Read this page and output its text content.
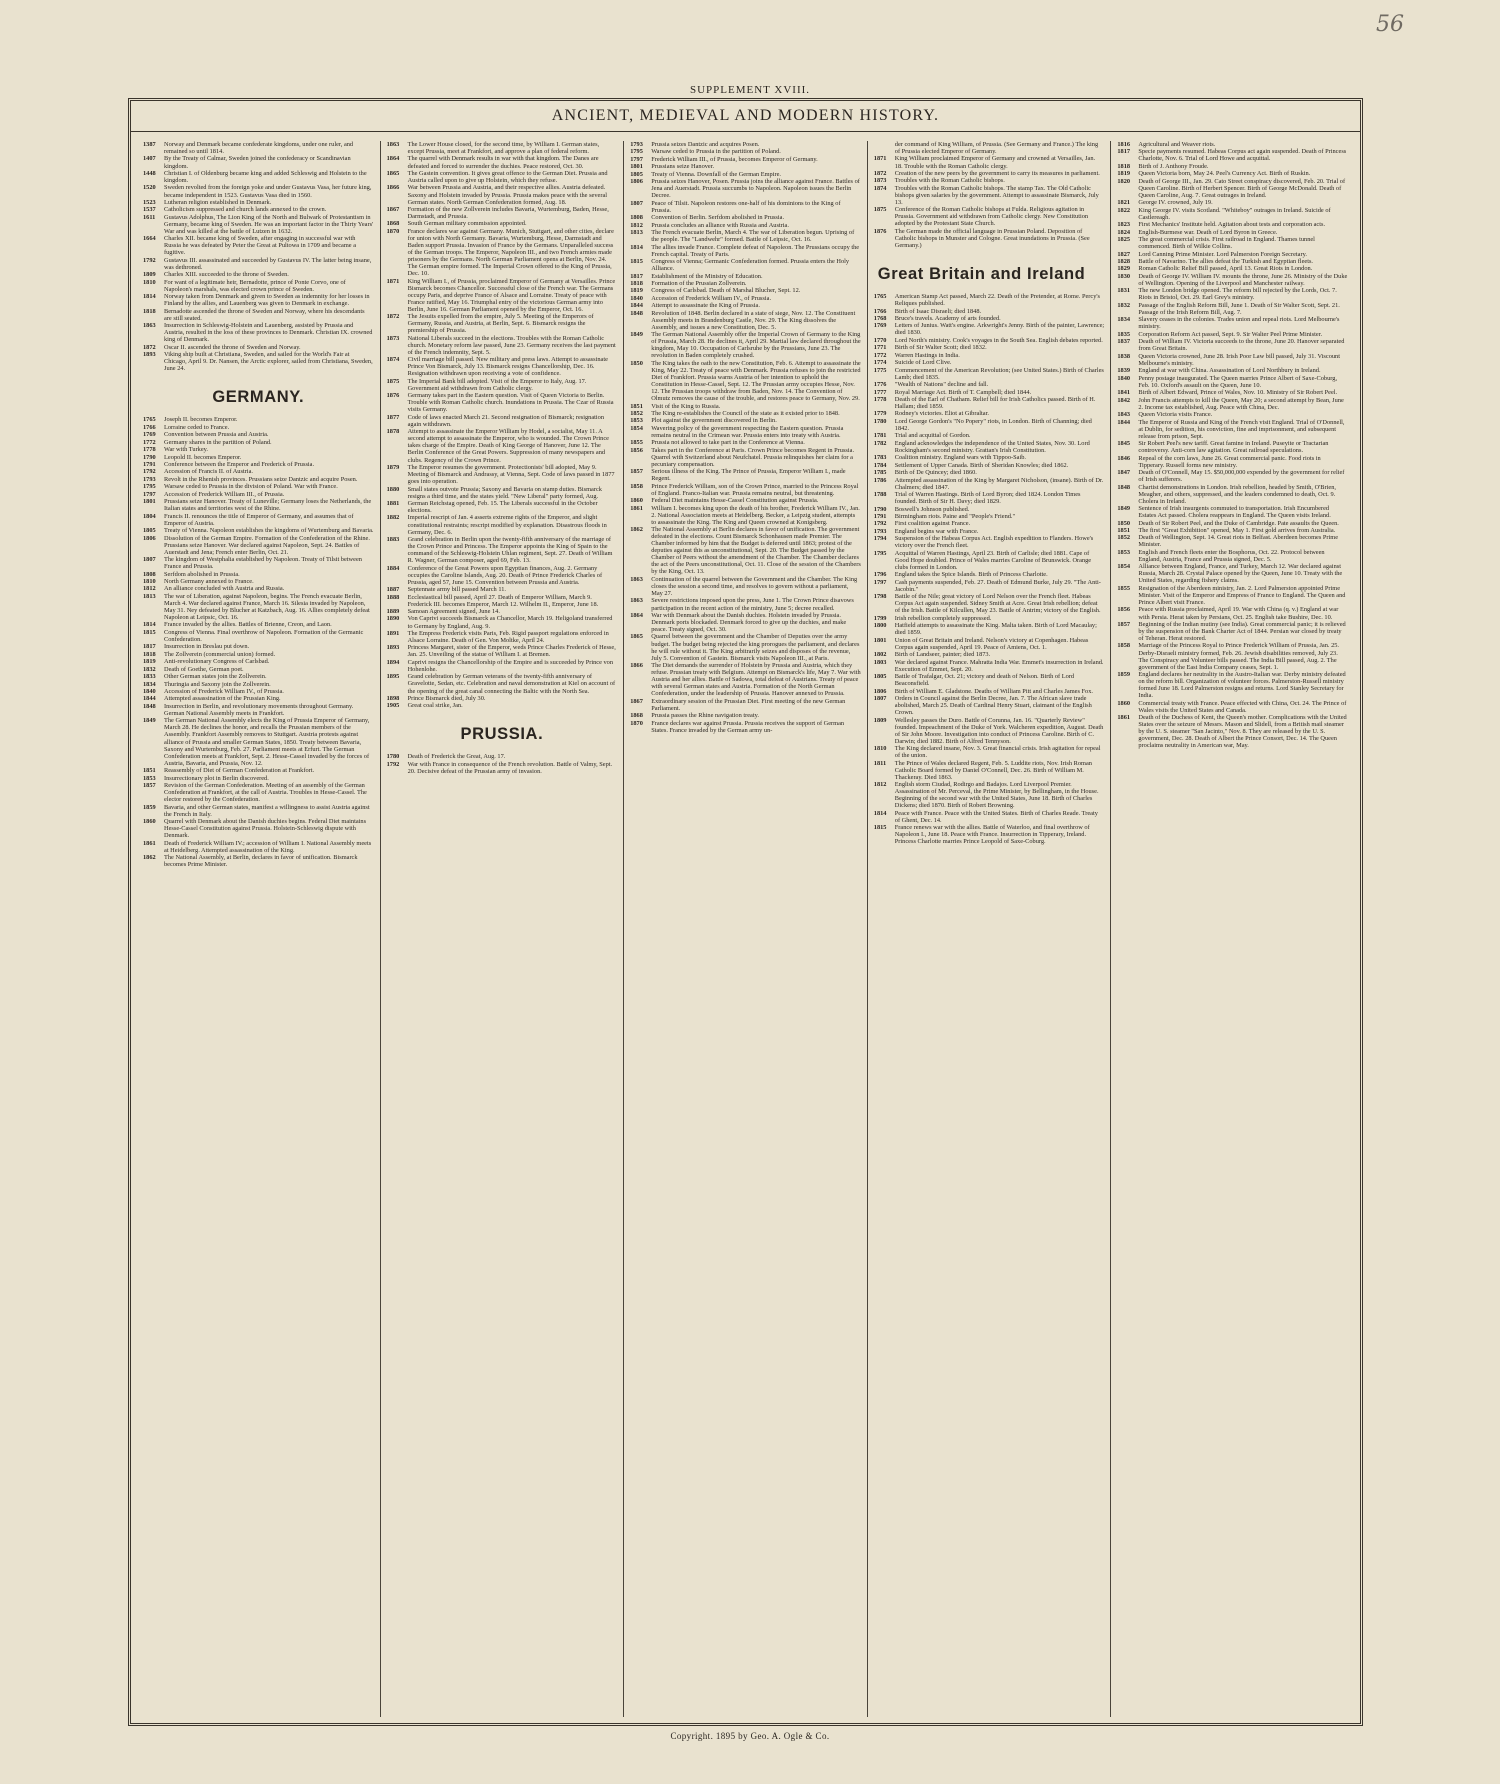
56
SUPPLEMENT XVIII.
ANCIENT, MEDIEVAL AND MODERN HISTORY.
1387	Norway and Denmark became confederate kingdoms, under one ruler, and remained so until 1814.
1407	By the Treaty of Calmar, Sweden joined the confederacy or Scandinavian kingdom.
1448	Christian I. of Oldenburg became king and added Schleswig and Holstein to the kingdom.
1520	Sweden revolted from the foreign yoke and under Gustavus Vasa, her future king, became independent in 1523. Gustavus Vasa died in 1560.
1523	Lutheran religion established in Denmark.
1537	Catholicism suppressed and church lands annexed to the crown.
1611	Gustavus Adolphus, The Lion King of the North and Bulwark of Protestantism in Germany, became king of Sweden. He was an important factor in the Thirty Years' War and was killed at the battle of Lutzen in 1632.
1664	Charles XII. became king of Sweden, after engaging in successful war with Russia he was defeated by Peter the Great at Pultowa in 1709 and became a fugitive.
1792	Gustavus III. assassinated and succeeded by Gustavus IV. The latter being insane, was dethroned.
1809	Charles XIII. succeeded to the throne of Sweden.
1810	For want of a legitimate heir, Bernadotte, prince of Ponte Corvo, one of Napoleon's marshals, was elected crown prince of Sweden.
1814	Norway taken from Denmark and given to Sweden as indemnity for her losses in Finland by the allies, and Lauenberg was given to Denmark in exchange.
1818	Bernadotte ascended the throne of Sweden and Norway, where his descendants are still seated.
1863	Insurrection in Schleswig-Holstein and Lauenberg, assisted by Prussia and Austria, resulted in the loss of these provinces to Denmark. Christian IX. crowned king of Denmark.
1872	Oscar II. ascended the throne of Sweden and Norway.
1893	Viking ship built at Christiana, Sweden, and sailed for the World's Fair at Chicago, April 9. Dr. Nansen, the Arctic explorer, sailed from Christiana, Sweden, June 24.
GERMANY.
1765	Joseph II. becomes Emperor.
1766	Lorraine ceded to France.
1769	Convention between Prussia and Austria.
1772	Germany shares in the partition of Poland.
1778	War with Turkey.
1790	Leopold II. becomes Emperor.
1791	Conference between the Emperor and Frederick of Prussia.
1792	Accession of Francis II. of Austria.
1793	Revolt in the Rhenish provinces. Prussians seize Dantzic and acquire Posen.
1795	Warsaw ceded to Prussia in the division of Poland. War with France.
1797	Accession of Frederick William III., of Prussia.
1801	Prussians seize Hanover. Treaty of Luneville; Germany loses the Netherlands, the Italian states and territories west of the Rhine.
1804	Francis II. renounces the title of Emperor of Germany, and assumes that of Emperor of Austria.
1805	Treaty of Vienna. Napoleon establishes the kingdoms of Wurtemburg and Bavaria.
1806	Dissolution of the German Empire. Formation of the Confederation of the Rhine. Prussians seize Hanover. War declared against Napoleon, Sept. 24. Battles of Auerstadt and Jena; French enter Berlin, Oct. 21.
1807	The kingdom of Westphalia established by Napoleon. Treaty of Tilsit between France and Prussia.
1808	Serfdom abolished in Prussia.
1810	North Germany annexed to France.
1812	An alliance concluded with Austria and Russia.
1813	The war of Liberation, against Napoleon, begins. The French evacuate Berlin, March 4. War declared against France, March 16. Silesia invaded by Napoleon, May 31. Ney defeated by Blucher at Katzbach, Aug. 16. Allies completely defeat Napoleon at Leipsic, Oct. 16.
1814	France invaded by the allies. Battles of Brienne, Creon, and Laon.
1815	Congress of Vienna. Final overthrow of Napoleon. Formation of the Germanic Confederation.
1817	Insurrection in Breslau put down.
1818	The Zollverein (commercial union) formed.
1819	Anti-revolutionary Congress of Carlsbad.
1832	Death of Goethe, German poet.
1833	Other German states join the Zollverein.
1834	Thuringia and Saxony join the Zollverein.
1840	Accession of Frederick William IV., of Prussia.
1844	Attempted assassination of the Prussian King.
1848	Insurrection in Berlin, and revolutionary movements throughout Germany. German National Assembly meets in Frankfort.
1849	The German National Assembly elects the King of Prussia Emperor of Germany, March 28. He declines the honor, and recalls the Prussian members of the Assembly. Frankfort Assembly removes to Stuttgart. Austria protests against alliance of Prussia and smaller German States, 1850. Treaty between Bavaria, Saxony and Wurtemburg, Feb. 27. Parliament meets at Erfurt. The German Confederation meets at Frankfort, Sept. 2. Hesse-Cassel invaded by the forces of Austria, Bavaria, and Prussia, Nov. 12.
1851	Reassembly of Diet of German Confederation at Frankfort.
1853	Insurrectionary plot in Berlin discovered.
1857	Revision of the German Confederation. Meeting of an assembly of the German Confederation at Frankfort, at the call of Austria. Troubles in Hesse-Cassel. The elector restored by the Confederation.
1859	Bavaria, and other German states, manifest a willingness to assist Austria against the French in Italy.
1860	Quarrel with Denmark about the Danish duchies begins. Federal Diet maintains Hesse-Cassel Constitution against Prussia. Holstein-Schleswig dispute with Denmark.
1861	Death of Frederick William IV.; accession of William I. National Assembly meets at Heidelberg. Attempted assassination of the King.
1862	The National Assembly, at Berlin, declares in favor of unification. Bismarck becomes Prime Minister.
1863	The Lower House closed, for the second time, by William I. German states, except Prussia, meet at Frankfort, and approve a plan of federal reform.
1864	The quarrel with Denmark results in war with that kingdom. The Danes are defeated and forced to surrender the duchies. Peace restored, Oct. 30.
1865	The Gastein convention. It gives great offence to the German Diet. Prussia and Austria called upon to give up Holstein, which they refuse.
1866	War between Prussia and Austria, and their respective allies. Austria defeated. Saxony and Holstein invaded by Prussia. Prussia makes peace with the several German states. North German Confederation formed, Aug. 18.
1867	Formation of the new Zollverein includes Bavaria, Wurtemburg, Baden, Hesse, Darmstadt, and Prussia.
1868	South German military commission appointed.
1870	France declares war against Germany. Munich, Stuttgart, and other cities, declare for union with North Germany. Bavaria, Wurtemburg, Hesse, Darmstadt and Baden support Prussia. Invasion of France by the Germans. Unparalleled success of the German troops. The Emperor, Napoleon III., and two French armies made prisoners by the Germans. North German Parliament opens at Berlin, Nov. 24. The German empire formed. The Imperial Crown offered to the King of Prussia, Dec. 10.
1871	King William I., of Prussia, proclaimed Emperor of Germany at Versailles. Prince Bismarck becomes Chancellor. Successful close of the French war. The Germans occupy Paris, and deprive France of Alsace and Lorraine. Treaty of peace with France ratified, May 16. Triumphal entry of the victorious German army into Berlin, June 16. German Parliament opened by the Emperor, Oct. 16.
1872	The Jesuits expelled from the empire, July 5. Meeting of the Emperors of Germany, Russia, and Austria, at Berlin, Sept. 6. Bismarck resigns the premiership of Prussia.
1873	National Liberals succeed in the elections. Troubles with the Roman Catholic church. Monetary reform law passed, June 23. Germany receives the last payment of the French indemnity, Sept. 5.
1874	Civil marriage bill passed. New military and press laws. Attempt to assassinate Prince Von Bismarck, July 13. Bismarck resigns Chancellorship, Dec. 16. Resignation withdrawn upon receiving a vote of confidence.
1875	The Imperial Bank bill adopted. Visit of the Emperor to Italy, Aug. 17. Government aid withdrawn from Catholic clergy.
1876	Germany takes part in the Eastern question. Visit of Queen Victoria to Berlin. Trouble with Roman Catholic church. Inundations in Prussia. The Czar of Russia visits Germany.
1877	Code of laws enacted March 21. Second resignation of Bismarck; resignation again withdrawn.
1878	Attempt to assassinate the Emperor William by Hodel, a socialist, May 11. A second attempt to assassinate the Emperor, who is wounded. The Crown Prince takes charge of the Empire. Death of King George of Hanover, June 12. The Berlin Conference of the Great Powers. Suppression of many newspapers and clubs. Regency of the Crown Prince.
1879	The Emperor resumes the government. Protectionists' bill adopted, May 9. Meeting of Bismarck and Andrassy, at Vienna, Sept. Code of laws passed in 1877 goes into operation.
1880	Small states outvote Prussia; Saxony and Bavaria on stamp duties. Bismarck resigns a third time, and the states yield. "New Liberal" party formed, Aug.
1881	German Reichstag opened, Feb. 15. The Liberals successful in the October elections.
1882	Imperial rescript of Jan. 4 asserts extreme rights of the Emperor, and slight constitutional restraints; rescript modified by explanation. Disastrous floods in Germany, Dec. 6.
1883	Grand celebration in Berlin upon the twenty-fifth anniversary of the marriage of the Crown Prince and Princess. The Emperor appoints the King of Spain to the command of the Schleswig-Holstein Uhlan regiment, Sept. 27. Death of William R. Wagner, German composer, aged 69, Feb. 13.
1884	Conference of the Great Powers upon Egyptian finances, Aug. 2. Germany occupies the Caroline Islands, Aug. 20. Death of Prince Frederick Charles of Prussia, aged 57, June 15. Convention between Prussia and Austria.
1887	Septennate army bill passed March 11.
1888	Ecclesiastical bill passed, April 27. Death of Emperor William, March 9. Frederick III. becomes Emperor, March 12. Wilhelm II., Emperor, June 18.
1889	Samoan Agreement signed, June 14.
1890	Von Caprivi succeeds Bismarck as Chancellor, March 19. Heligoland transferred to Germany by England, Aug. 9.
1891	The Empress Frederick visits Paris, Feb. Rigid passport regulations enforced in Alsace Lorraine. Death of Gen. Von Moltke, April 24.
1893	Princess Margaret, sister of the Emperor, weds Prince Charles Frederick of Hesse, Jan. 25. Unveiling of the statue of William I. at Bremen.
1894	Caprivi resigns the Chancellorship of the Empire and is succeeded by Prince von Hohenlohe.
1895	Grand celebration by German veterans of the twenty-fifth anniversary of Gravelotte, Sedan, etc. Celebration and naval demonstration at Kiel on account of the opening of the great canal connecting the Baltic with the North Sea.
1898	Prince Bismarck died, July 30.
1905	Great coal strike, Jan.
PRUSSIA.
1780	Death of Frederick the Great, Aug. 17.
1792	War with France in consequence of the French revolution. Battle of Valmy, Sept. 20. Decisive defeat of the Prussian army of invasion.
1793	Prussia seizes Dantzic and acquires Posen.
1795	Warsaw ceded to Prussia in the partition of Poland.
1797	Frederick William III., of Prussia, becomes Emperor of Germany.
1801	Prussians seize Hanover.
1805	Treaty of Vienna. Downfall of the German Empire.
1806	Prussia seizes Hanover, Posen. Prussia joins the alliance against France. Battles of Jena and Auerstadt. Prussia succumbs to Napoleon. Napoleon issues the Berlin Decree.
1807	Peace of Tilsit. Napoleon restores one-half of his dominions to the King of Prussia.
1808	Convention of Berlin. Serfdom abolished in Prussia.
1812	Prussia concludes an alliance with Russia and Austria.
1813	The French evacuate Berlin, March 4. The war of Liberation begun. Uprising of the people. The "Landwehr" formed. Battle of Leipsic, Oct. 16.
1814	The allies invade France. Complete defeat of Napoleon. The Prussians occupy the French capital. Treaty of Paris.
1815	Congress of Vienna; Germanic Confederation formed. Prussia enters the Holy Alliance.
1817	Establishment of the Ministry of Education.
1818	Formation of the Prussian Zollverein.
1819	Congress of Carlsbad. Death of Marshal Blucher, Sept. 12.
1840	Accession of Frederick William IV., of Prussia.
1844	Attempt to assassinate the King of Prussia.
1848	Revolution of 1848. Berlin declared in a state of siege, Nov. 12. The Constituent Assembly meets in Brandenburg Castle, Nov. 29. The King dissolves the Assembly, and issues a new Constitution, Dec. 5.
1849	The German National Assembly offer the Imperial Crown of Germany to the King of Prussia, March 28. He declines it, April 29. Martial law declared throughout the kingdom, May 10. Occupation of Carlsruhe by the Prussians, June 23. The revolution in Baden completely crushed.
1850	The King takes the oath to the new Constitution, Feb. 6. Attempt to assassinate the King, May 22. Treaty of peace with Denmark. Prussia refuses to join the restricted Diet of Frankfort. Prussia warns Austria of her intention to uphold the Constitution in Hesse-Cassel, Sept. 12. The Prussian army occupies Hesse, Nov. 12. The Prussian troops withdraw from Baden, Nov. 14. The Convention of Olmutz removes the cause of the trouble, and restores peace to Germany, Nov. 29.
1851	Visit of the King to Russia.
1852	The King re-establishes the Council of the state as it existed prior to 1848.
1853	Plot against the government discovered in Berlin.
1854	Wavering policy of the government respecting the Eastern question. Prussia remains neutral in the Crimean war. Prussia enters into treaty with Austria.
1855	Prussia not allowed to take part in the Conference at Vienna.
1856	Takes part in the Conference at Paris. Crown Prince becomes Regent in Prussia. Quarrel with Switzerland about Neufchatel. Prussia relinquishes her claim for a pecuniary compensation.
1857	Serious illness of the King. The Prince of Prussia, Emperor William I., made Regent.
1858	Prince Frederick William, son of the Crown Prince, married to the Princess Royal of England. Franco-Italian war. Prussia remains neutral, but threatening.
1860	Federal Diet maintains Hesse-Cassel Constitution against Prussia.
1861	William I. becomes king upon the death of his brother, Frederick William IV., Jan. 2. National Association meets at Heidelberg. Becker, a Leipzig student, attempts to assassinate the King. The King and Queen crowned at Konigsberg.
1862	The National Assembly at Berlin declares in favor of unification. The government defeated in the elections. Count Bismarck Schonhausen made Premier. The Chamber informed by him that the Budget is deferred until 1863; protest of the deputies against this as unconstitutional, Sept. 20. The Budget passed by the Chamber of Peers without the amendment of the Chamber. The Chamber declares the act of the Peers unconstitutional, Oct. 11. Close of the session of the Chambers by the King, Oct. 13.
1863	Continuation of the quarrel between the Government and the Chamber. The King closes the session a second time, and resolves to govern without a parliament, May 27.
1863	Severe restrictions imposed upon the press, June 1. The Crown Prince disavows participation in the recent action of the ministry, June 5; decree recalled.
1864	War with Denmark about the Danish duchies. Holstein invaded by Prussia. Denmark ports blockaded. Denmark forced to give up the duchies, and make peace. Treaty signed, Oct. 30.
1865	Quarrel between the government and the Chamber of Deputies over the army budget. The budget being rejected the king prorogues the parliament, and declares he will rule without it. The King arbitrarily seizes and disposes of the revenue, July 5. Convention of Gastein. Bismarck visits Napoleon III., at Paris.
1866	The Diet demands the surrender of Holstein by Prussia and Austria, which they refuse. Prussian treaty with Belgium. Attempt on Bismarck's life, May 7. War with Austria and her allies. Battle of Sadowa, total defeat of Austrians. Treaty of peace with several German states and Austria. Formation of the North German Confederation, under the leadership of Prussia. Hanover annexed to Prussia.
1867	Extraordinary session of the Prussian Diet. First meeting of the new German Parliament.
1868	Prussia passes the Rhine navigation treaty.
1870	France declares war against Prussia. Prussia receives the support of German States. France invaded by the German army un-
der command of King William, of Prussia. (See Germany and France.) The king of Prussia elected Emperor of Germany.
1871	King William proclaimed Emperor of Germany and crowned at Versailles, Jan. 18. Trouble with the Roman Catholic clergy.
1872	Creation of the new peers by the government to carry its measures in parliament.
1873	Troubles with the Roman Catholic bishops.
1874	Troubles with the Roman Catholic bishops. The stamp Tax. The Old Catholic bishops given salaries by the government. Attempt to assassinate Bismarck, July 13.
1875	Conference of the Roman Catholic bishops at Fulda. Religious agitation in Prussia. Government aid withdrawn from Catholic clergy. New Constitution adopted by the Protestant State Church.
1876	The German made the official language in Prussian Poland. Deposition of Catholic bishops in Munster and Cologne. Great inundations in Prussia. (See Germany.)
Great Britain and Ireland
1765	American Stamp Act passed, March 22. Death of the Pretender, at Rome. Percy's Reliques published.
1766	Birth of Isaac Disraeli; died 1848.
1768	Bruce's travels. Academy of arts founded.
1769	Letters of Junius. Watt's engine. Arkwright's Jenny. Birth of the painter, Lawrence; died 1830.
1770	Lord North's ministry. Cook's voyages in the South Sea. English debates reported.
1771	Birth of Sir Walter Scott; died 1832.
1772	Warren Hastings in India.
1774	Suicide of Lord Clive.
1775	Commencement of the American Revolution; (see United States.) Birth of Charles Lamb; died 1835.
1776	"Wealth of Nations" decline and fall.
1777	Royal Marriage Act. Birth of T. Campbell; died 1844.
1778	Death of the Earl of Chatham. Relief bill for Irish Catholics passed. Birth of H. Hallam; died 1859.
1779	Rodney's victories. Eliot at Gibraltar.
1780	Lord George Gordon's "No Popery" riots, in London. Birth of Channing; died 1842.
1781	Trial and acquittal of Gordon.
1782	England acknowledges the independence of the United States, Nov. 30. Lord Rockingham's second ministry. Grattan's Irish Constitution.
1783	Coalition ministry. England wars with Tippoo-Saib.
1784	Settlement of Upper Canada. Birth of Sheridan Knowles; died 1862.
1785	Birth of De Quincey; died 1860.
1786	Attempted assassination of the King by Margaret Nicholson, (insane). Birth of Dr. Chalmers; died 1847.
1788	Trial of Warren Hastings. Birth of Lord Byron; died 1824. London Times founded. Birth of Sir H. Davy; died 1829.
1790	Boswell's Johnson published.
1791	Birmingham riots. Paine and "People's Friend."
1792	First coalition against France.
1793	England begins war with France.
1794	Suspension of the Habeas Corpus Act. English expedition to Flanders. Howe's victory over the French fleet.
1795	Acquittal of Warren Hastings, April 23. Birth of Carlisle; died 1881. Cape of Good Hope doubled. Prince of Wales marries Caroline of Brunswick. Orange clubs formed in London.
1796	England takes the Spice Islands. Birth of Princess Charlotte.
1797	Cash payments suspended, Feb. 27. Death of Edmund Burke, July 29. "The Anti-Jacobin."
1798	Battle of the Nile; great victory of Lord Nelson over the French fleet. Habeas Corpus Act again suspended. Sidney Smith at Acre. Great Irish rebellion; defeat of the Irish. Battle of Kilcullen, May 23. Battle of Antrim; victory of the English.
1799	Irish rebellion completely suppressed.
1800	Hatfield attempts to assassinate the King. Malta taken. Birth of Lord Macaulay; died 1859.
1801	Union of Great Britain and Ireland. Nelson's victory at Copenhagen. Habeas Corpus again suspended, April 19. Peace of Amiens, Oct. 1.
1802	Birth of Landseer, painter; died 1873.
1803	War declared against France. Mahratta India War. Emmet's insurrection in Ireland. Execution of Emmet, Sept. 20.
1805	Battle of Trafalgar, Oct. 21; victory and death of Nelson. Birth of Lord Beaconsfield.
1806	Birth of William E. Gladstone. Deaths of William Pitt and Charles James Fox.
1807	Orders in Council against the Berlin Decree, Jan. 7. The African slave trade abolished, March 25. Death of Cardinal Henry Stuart, claimant of the English Crown.
1809	Wellesley passes the Duro. Battle of Corunna, Jan. 16. "Quarterly Review" founded. Impeachment of the Duke of York. Walcheren expedition, August. Death of Sir John Moore. Investigation into conduct of Princess Caroline. Birth of C. Darwin; died 1882. Birth of Alfred Tennyson.
1810	The King declared insane, Nov. 3. Great financial crisis. Irish agitation for repeal of the union.
1811	The Prince of Wales declared Regent, Feb. 5. Luddite riots, Nov. Irish Roman Catholic Board formed by Daniel O'Connell, Dec. 26. Birth of William M. Thackeray. Died 1863.
1812	English storm Ciudad, Rodirgo and Badajos. Lord Liverpool Premier. Assassination of Mr. Perceval, the Prime Minister, by Bellingham, in the House. Beginning of the second war with the United States, June 18. Birth of Charles Dickens; died 1870. Birth of Robert Browning.
1814	Peace with France. Peace with the United States. Birth of Charles Reade. Treaty of Ghent, Dec. 14.
1815	France renews war with the allies. Battle of Waterloo, and final overthrow of Napoleon I., June 18. Peace with France. Insurrection in Tipperary, Ireland. Princess Charlotte marries Prince Leopold of Saxe-Coburg.
1816	Agricultural and Weaver riots.
1817	Specie payments resumed. Habeas Corpus act again suspended. Death of Princess Charlotte, Nov. 6. Trial of Lord Howe and acquittal.
1818	Birth of J. Anthony Froude.
1819	Queen Victoria born, May 24. Peel's Currency Act. Birth of Ruskin.
1820	Death of George III., Jan. 29. Cato Street conspiracy discovered, Feb. 20. Trial of Queen Caroline. Birth of Herbert Spencer. Birth of George McDonald. Death of Queen Caroline, Aug. 7. Great outrages in Ireland.
1821	George IV. crowned, July 19.
1822	King George IV. visits Scotland. "Whiteboy" outrages in Ireland. Suicide of Castlereagh.
1823	First Mechanics' Institute held. Agitation about tests and corporation acts.
1824	English-Burmese war. Death of Lord Byron in Greece.
1825	The great commercial crisis. First railroad in England. Thames tunnel commenced. Birth of Wilkie Collins.
1827	Lord Canning Prime Minister. Lord Palmerston Foreign Secretary.
1828	Battle of Navarino. The allies defeat the Turkish and Egyptian fleets.
1829	Roman Catholic Relief Bill passed, April 13. Great Riots in London.
1830	Death of George IV. William IV. mounts the throne, June 26. Ministry of the Duke of Wellington. Opening of the Liverpool and Manchester railway.
1831	The new London bridge opened. The reform bill rejected by the Lords, Oct. 7. Riots in Bristol, Oct. 29. Earl Grey's ministry.
1832	Passage of the English Reform Bill, June 1. Death of Sir Walter Scott, Sept. 21. Passage of the Irish Reform Bill, Aug. 7.
1834	Slavery ceases in the colonies. Trades union and repeal riots. Lord Melbourne's ministry.
1835	Corporation Reform Act passed, Sept. 9. Sir Walter Peel Prime Minister.
1837	Death of William IV. Victoria succeeds to the throne, June 20. Hanover separated from Great Britain.
1838	Queen Victoria crowned, June 28. Irish Poor Law bill passed, July 31. Viscount Melbourne's ministry.
1839	England at war with China. Assassination of Lord Northbury in Ireland.
1840	Penny postage inaugurated. The Queen marries Prince Albert of Saxe-Coburg, Feb. 10. Oxford's assault on the Queen, June 10.
1841	Birth of Albert Edward, Prince of Wales, Nov. 10. Ministry of Sir Robert Peel.
1842	John Francis attempts to kill the Queen, May 20; a second attempt by Bean, June 2. Income tax established, Aug. Peace with China, Dec.
1843	Queen Victoria visits France.
1844	The Emperor of Russia and King of the French visit England. Trial of O'Donnell, at Dublin, for sedition, his conviction, fine and imprisonment, and subsequent release from prison, Sept.
1845	Sir Robert Peel's new tariff. Great famine in Ireland. Puseyite or Tractarian controversy. Anti-corn law agitation. Great railroad speculations.
1846	Repeal of the corn laws, June 26. Great commercial panic. Food riots in Tipperary. Russell forms new ministry.
1847	Death of O'Connell, May 15. $50,000,000 expended by the government for relief of Irish sufferers.
1848	Chartist demonstrations in London. Irish rebellion, headed by Smith, O'Brien, Meagher, and others, suppressed, and the leaders condemned to death, Oct. 9. Cholera in Ireland.
1849	Sentence of Irish insurgents commuted to transportation. Irish Encumbered Estates Act passed. Cholera reappears in England. The Queen visits Ireland.
1850	Death of Sir Robert Peel, and the Duke of Cambridge. Pate assaults the Queen.
1851	The first "Great Exhibition" opened, May 1. First gold arrives from Australia.
1852	Death of Wellington, Sept. 14. Great riots in Belfast. Aberdeen becomes Prime Minister.
1853	English and French fleets enter the Bosphorus, Oct. 22. Protocol between England, Austria, France and Prussia signed, Dec. 5.
1854	Alliance between England, France, and Turkey, March 12. War declared against Russia, March 28. Crystal Palace opened by the Queen, June 10. Treaty with the United States, regarding fishery claims.
1855	Resignation of the Aberdeen ministry, Jan. 2. Lord Palmerston appointed Prime Minister. Visit of the Emperor and Empress of France to England. The Queen and Prince Albert visit France.
1856	Peace with Russia proclaimed, April 19. War with China (q. v.) England at war with Persia. Herat taken by Persians, Oct. 25. English take Bushire, Dec. 10.
1857	Beginning of the Indian mutiny (see India). Great commercial panic; it is relieved by the suspension of the Bank Charter Act of 1844. Persian war closed by treaty of Teheran. Herat restored.
1858	Marriage of the Princess Royal to Prince Frederick William of Prussia, Jan. 25. Derby-Disraeli ministry formed, Feb. 26. Jewish disabilities removed, July 23. The Conspiracy and Volunteer bills passed. The India Bill passed, Aug. 2. The government of the East India Company ceases, Sept. 1.
1859	England declares her neutrality in the Austro-Italian war. Derby ministry defeated on the reform bill. Organization of volunteer forces. Palmerston-Russell ministry formed June 18. Lord Palmerston resigns and returns. Lord Stanley Secretary for India.
1860	Commercial treaty with France. Peace effected with China, Oct. 24. The Prince of Wales visits the United States and Canada.
1861	Death of the Duchess of Kent, the Queen's mother. Complications with the United States over the seizure of Messrs. Mason and Slidell, from a British mail steamer by the U. S. steamer "San Jacinto," Nov. 8. They are released by the U. S. government, Dec. 28. Death of Albert the Prince Consort, Dec. 14. The Queen proclaims neutrality in American war, May.
Copyright. 1895 by Geo. A. Ogle & Co.
